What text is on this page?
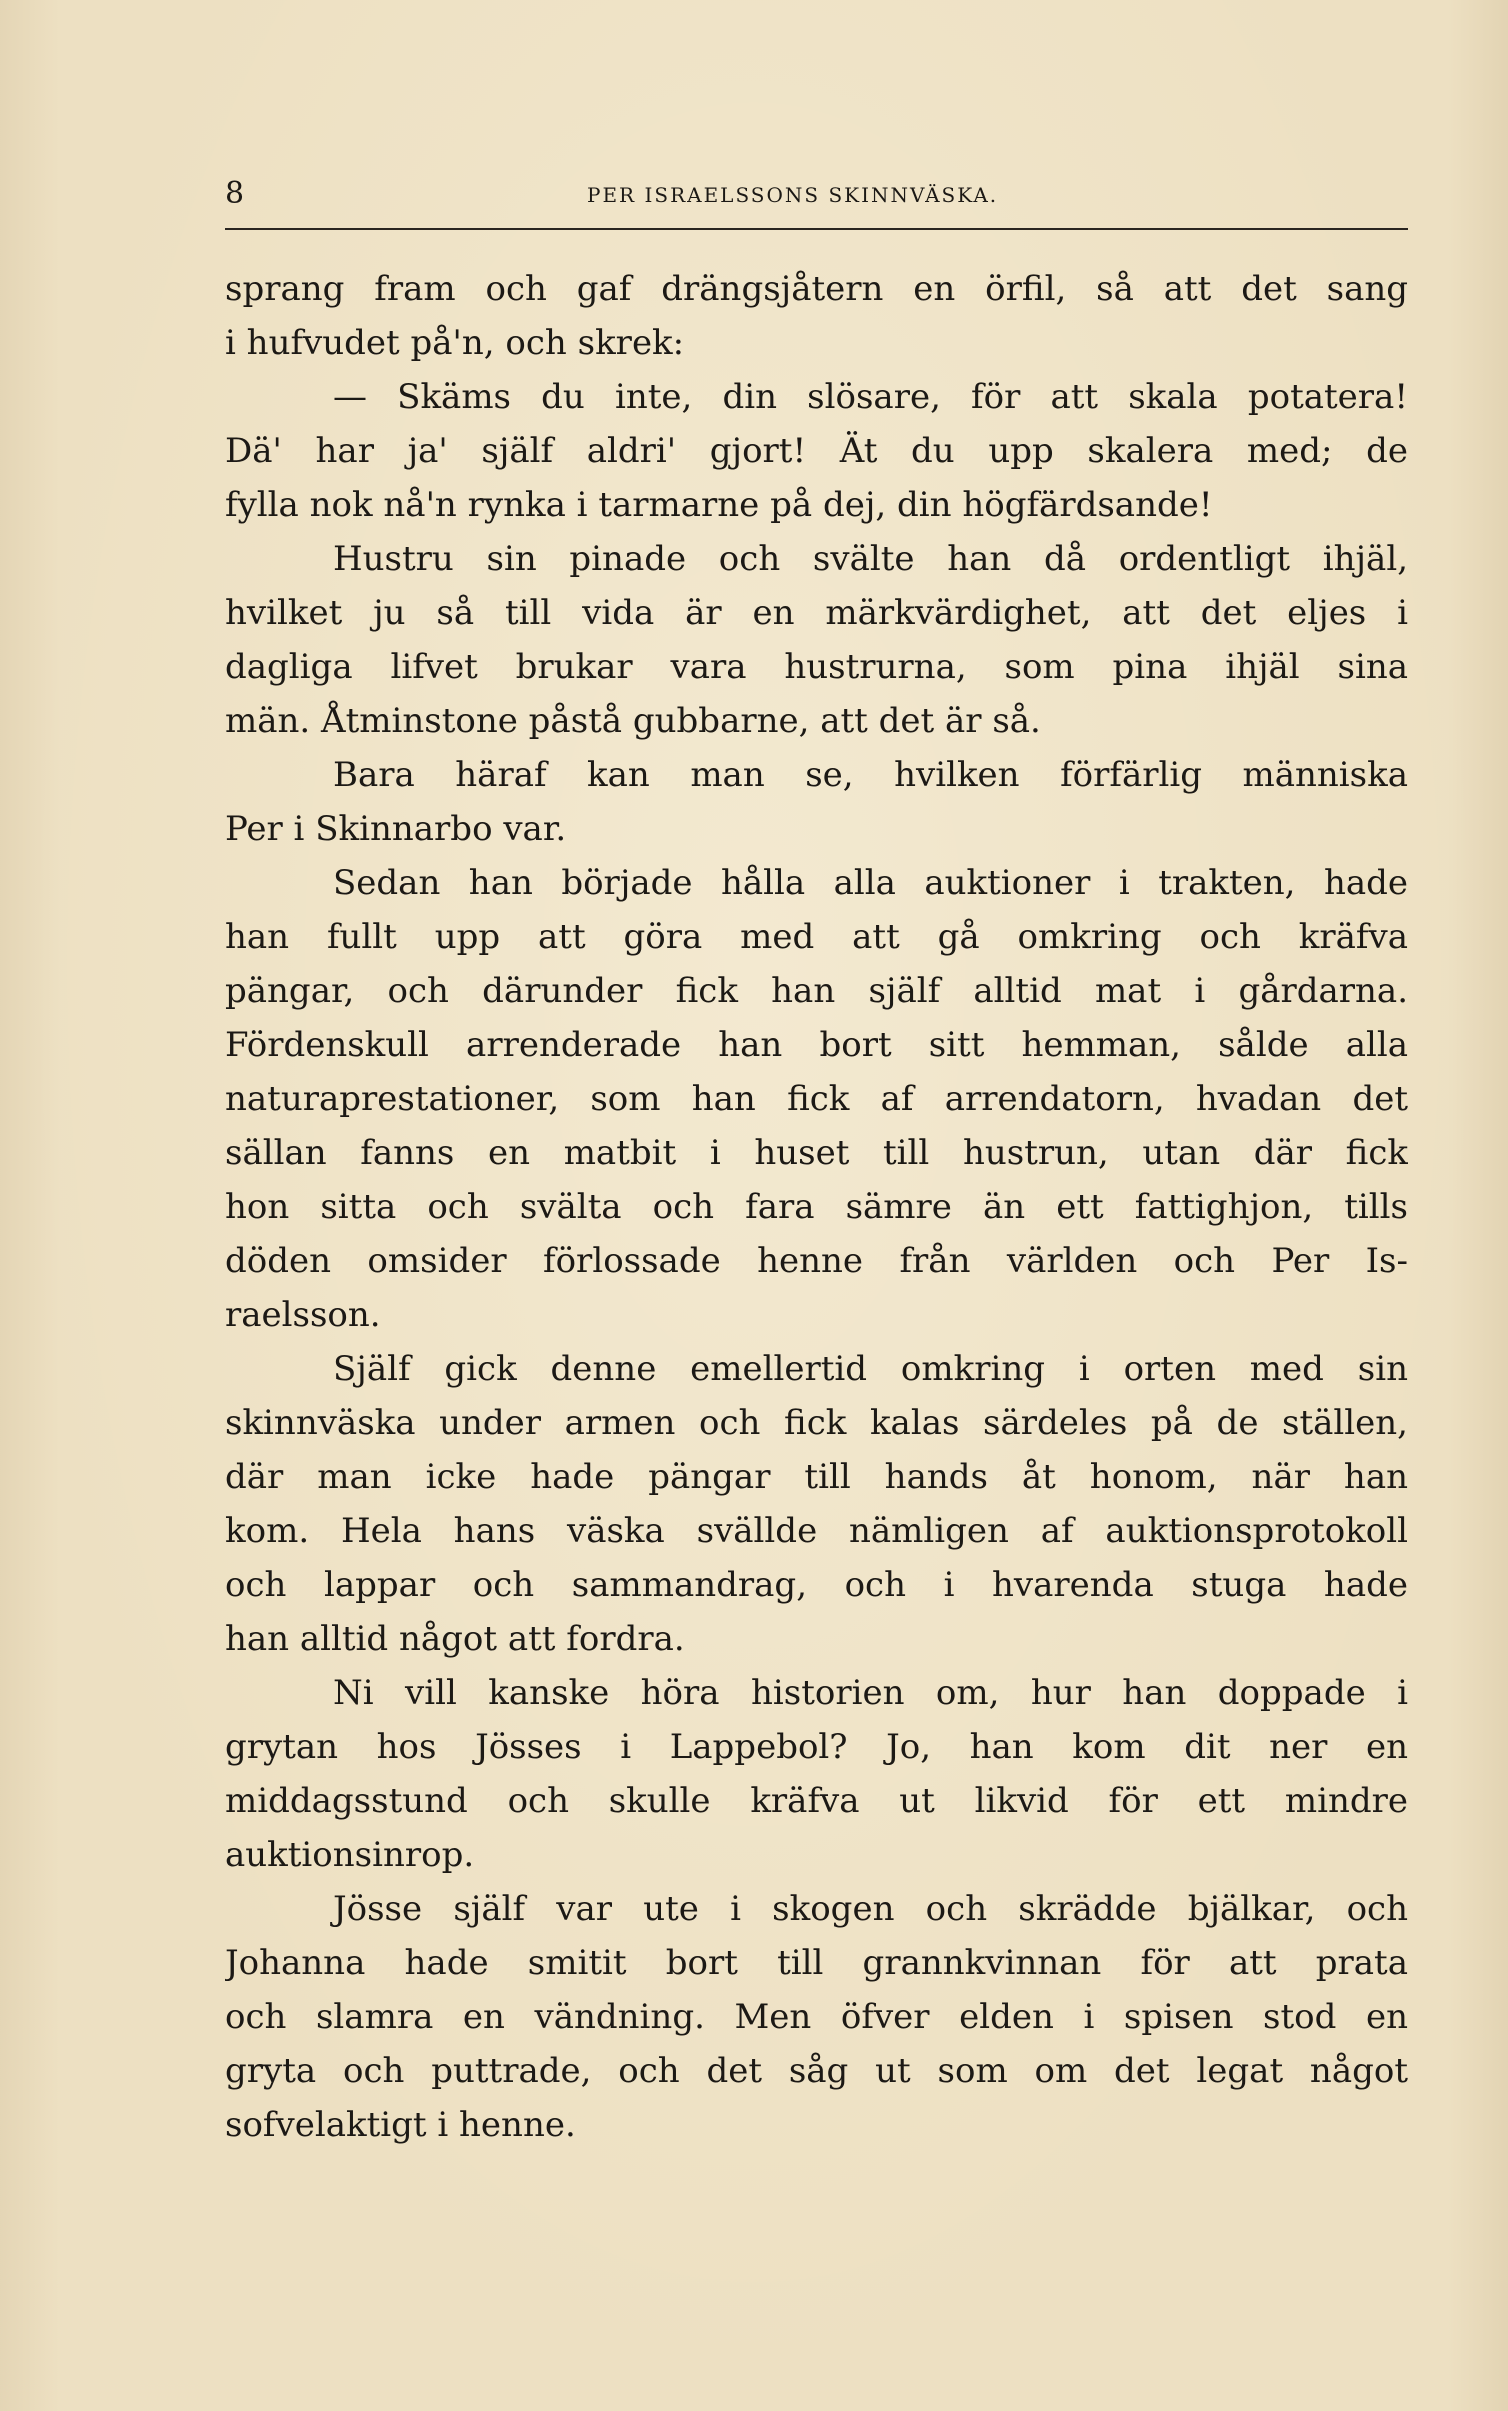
8	PER ISRAELSSONS SKINNVÄSKA.
sprang fram och gaf drängsjåtern en örfil, så att det sang
i hufvudet på'n, och skrek:
— Skäms du inte, din slösare, för att skala potatera!
Dä' har ja' själf aldri' gjort! Ät du upp skalera med; de
fylla nok nå'n rynka i tarmarne på dej, din högfärdsande!
Hustru sin pinade och svälte han då ordentligt ihjäl,
hvilket ju så till vida är en märkvärdighet, att det eljes i
dagliga lifvet brukar vara hustrurna, som pina ihjäl sina
män. Åtminstone påstå gubbarne, att det är så.
Bara häraf kan man se, hvilken förfärlig människa
Per i Skinnarbo var.
Sedan han började hålla alla auktioner i trakten, hade
han fullt upp att göra med att gå omkring och kräfva
pängar, och därunder fick han själf alltid mat i gårdarna.
Fördenskull arrenderade han bort sitt hemman, sålde alla
naturaprestationer, som han fick af arrendatorn, hvadan det
sällan fanns en matbit i huset till hustrun, utan där fick
hon sitta och svälta och fara sämre än ett fattighjon, tills
döden omsider förlossade henne från världen och Per Is-
raelsson.
Själf gick denne emellertid omkring i orten med sin
skinnväska under armen och fick kalas särdeles på de ställen,
där man icke hade pängar till hands åt honom, när han
kom. Hela hans väska svällde nämligen af auktionsprotokoll
och lappar och sammandrag, och i hvarenda stuga hade
han alltid något att fordra.
Ni vill kanske höra historien om, hur han doppade i
grytan hos Jösses i Lappebol? Jo, han kom dit ner en
middagsstund och skulle kräfva ut likvid för ett mindre
auktionsinrop.
Jösse själf var ute i skogen och skrädde bjälkar, och
Johanna hade smitit bort till grannkvinnan för att prata
och slamra en vändning. Men öfver elden i spisen stod en
gryta och puttrade, och det såg ut som om det legat något
sofvelaktigt i henne.
